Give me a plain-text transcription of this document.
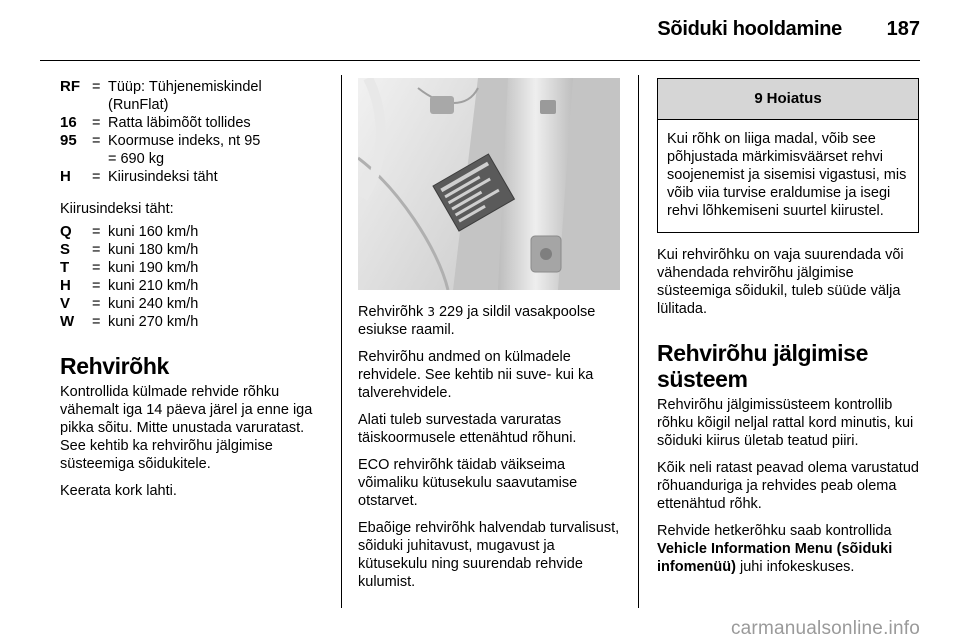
Sõiduki hooldamine 187
RF = Tüüp: Tühjenemiskindel
(RunFlat)
16	= Ratta läbimõõt tollides
95	= Koormuse indeks, nt 95
= 690 kg
H	= Kiirusindeksi täht

Kiirusindeksi täht:

Q	= kuni 160 km/h
S	= kuni 180 km/h
T	= kuni 190 km/h
H	= kuni 210 km/h
V	= kuni 240 km/h
W	= kuni 270 km/h
Rehvirõhk

Kontrollida külmade rehvide rõhku vähemalt iga 14 päeva järel ja enne iga pikka sõitu. Mitte unustada varuratast. See kehtib ka rehvirõhu jälgimise süsteemiga sõidukitele.

Keerata kork lahti.

Rehvirõhk 3 229 ja sildil vasakpoolse esiukse raamil.

Rehvirõhu andmed on külmadele rehvidele. See kehtib nii suve- kui ka talverehvidele.

Alati tuleb survestada varuratas täiskoormusele ettenähtud rõhuni.

ECO rehvirõhk täidab väikseima võimaliku kütusekulu saavutamise otstarvet.

Ebaõige rehvirõhk halvendab turvalisust, sõiduki juhitavust, mugavust ja kütusekulu ning suurendab rehvide kulumist.

9 Hoiatus
Kui rõhk on liiga madal, võib see põhjustada märkimisväärset rehvi soojenemist ja sisemisi vigastusi, mis võib viia turvise eraldumise ja isegi rehvi lõhkemiseni suurtel kiirustel.

Kui rehvirõhku on vaja suurendada või vähendada rehvirõhu jälgimise süsteemiga sõidukil, tuleb süüde välja lülitada.

Rehvirõhu jälgimise süsteem

Rehvirõhu jälgimissüsteem kontrollib rõhku kõigil neljal rattal kord minutis, kui sõiduki kiirus ületab teatud piiri.

Kõik neli ratast peavad olema varustatud rõhuanduriga ja rehvides peab olema ettenähtud rõhk.

Rehvide hetkerõhku saab kontrollida Vehicle Information Menu (sõiduki infomenüü) juhi infokeskuses.

carmanualsonline.info
